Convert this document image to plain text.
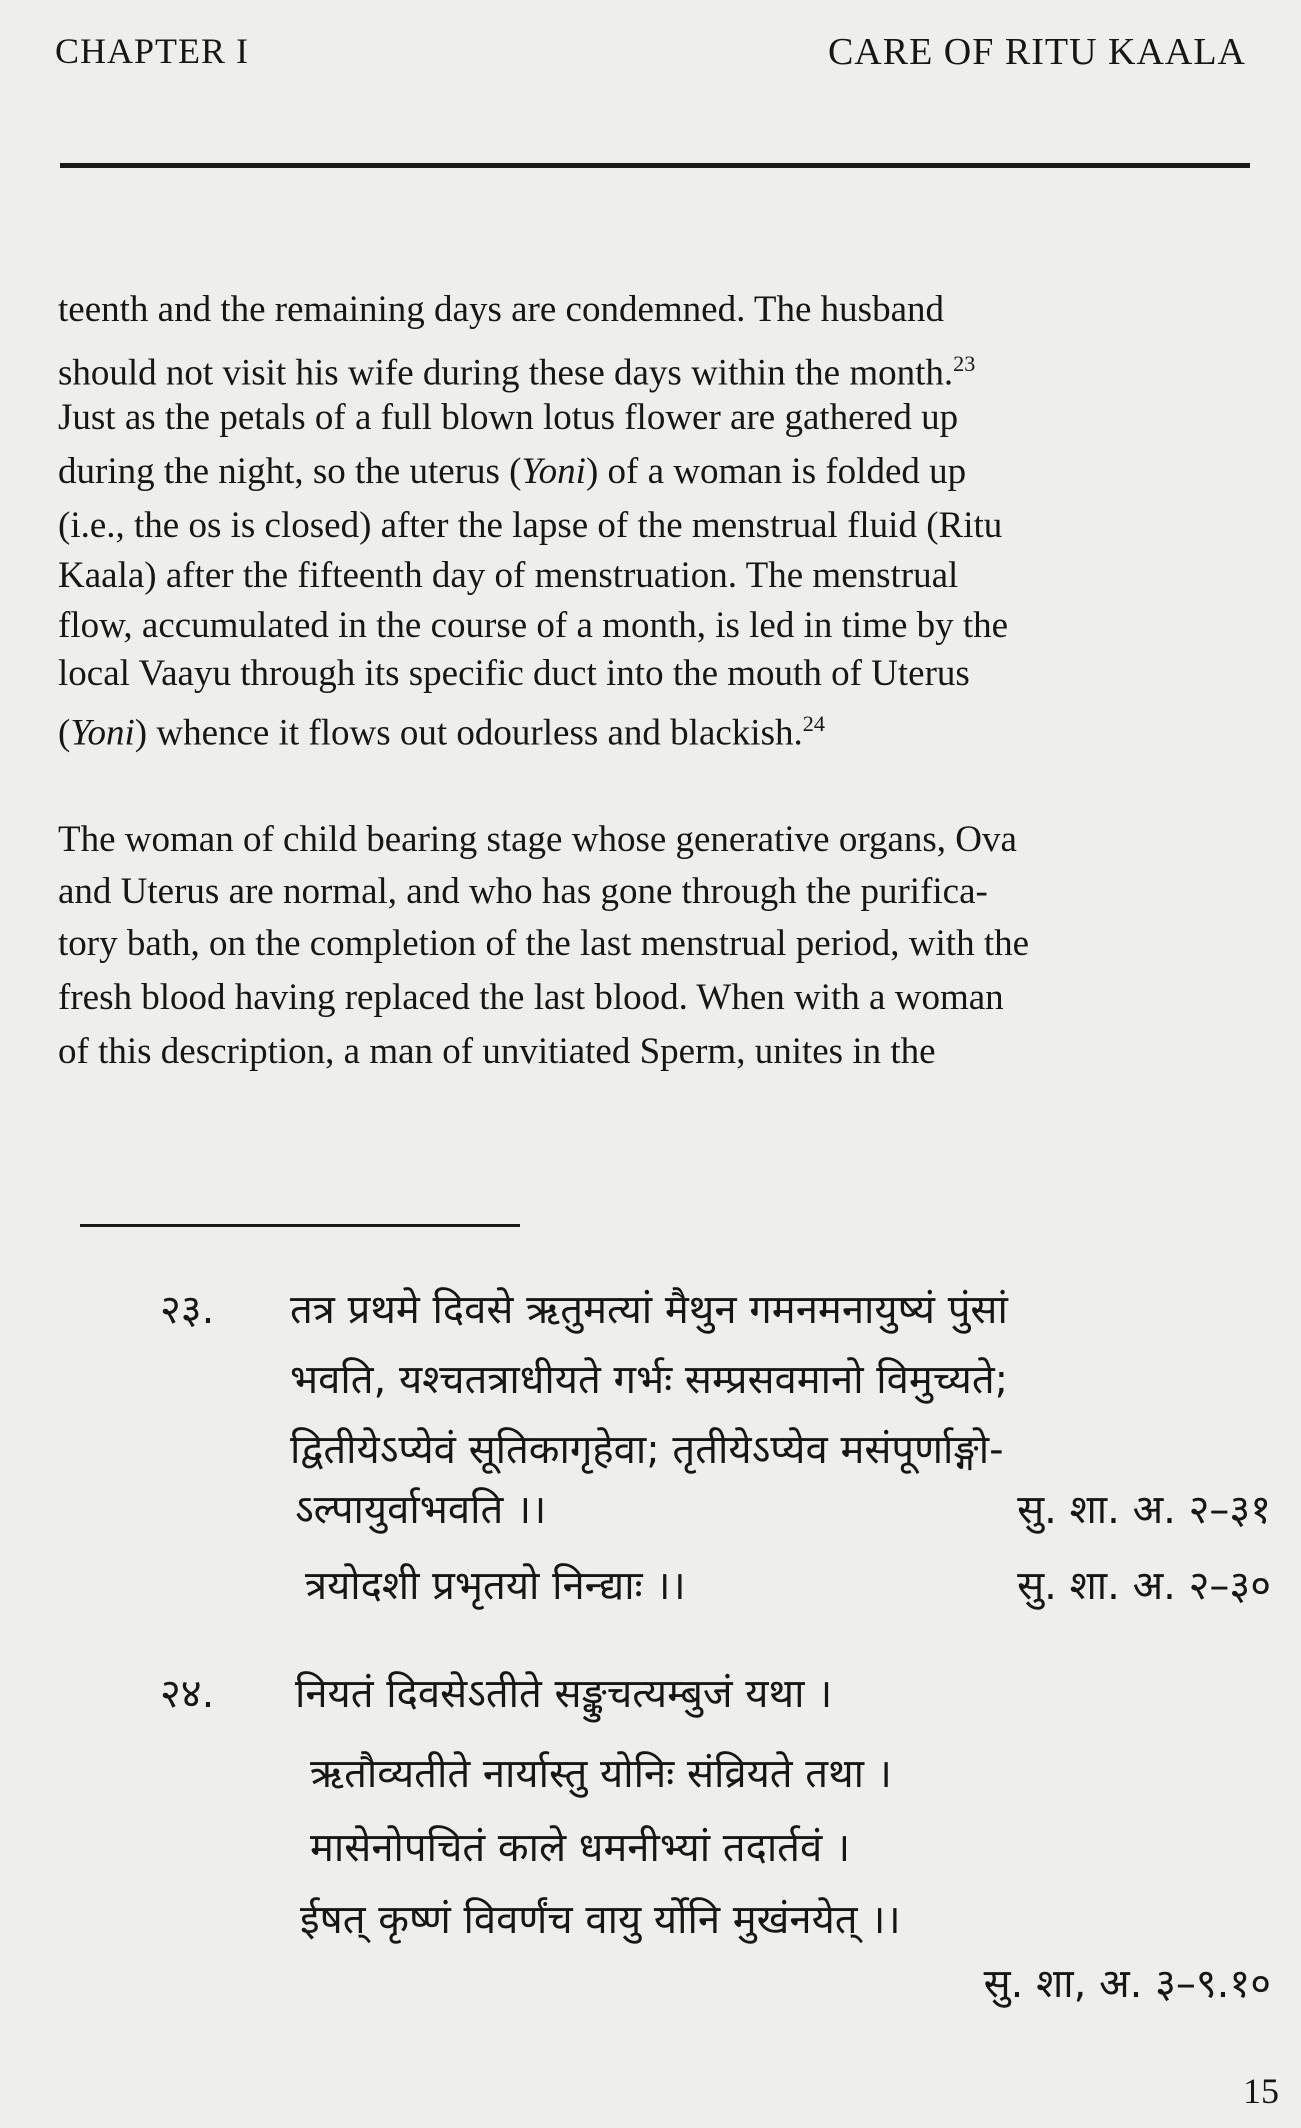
CHAPTER I	CARE OF RITU KAALA
teenth and the remaining days are condemned. The husband
should not visit his wife during these days within the month.$^{23}$
Just as the petals of a full blown lotus flower are gathered up
during the night, so the uterus (Yoni) of a woman is folded up
(i.e., the os is closed) after the lapse of the menstrual fluid (Ritu
Kaala) after the fifteenth day of menstruation. The menstrual
flow, accumulated in the course of a month, is led in time by the
local Vaayu through its specific duct into the mouth of Uterus
(Yoni) whence it flows out odourless and blackish.$^{24}$
The woman of child bearing stage whose generative organs, Ova
and Uterus are normal, and who has gone through the purifica-
tory bath, on the completion of the last menstrual period, with the
fresh blood having replaced the last blood. When with a woman
of this description, a man of unvitiated Sperm, unites in the
२३. तत्र प्रथमे दिवसे ऋतुमत्यां मैथुन गमनमनायुष्यं पुंसां
भवति, यश्चतत्राधीयते गर्भः सम्प्रसवमानो विमुच्यते;
द्वितीयेऽप्येवं सूतिकागृहेवा; तृतीयेऽप्येव मसंपूर्णाङ्गो-
ऽल्पायुर्वाभवति ।।	सु. शा. अ. २–३१
त्रयोदशी प्रभृतयो निन्द्याः ।।	सु. शा. अ. २–३०
२४. नियतं दिवसेऽतीते सङ्कुचत्यम्बुजं यथा ।
ऋतौव्यतीते नार्यास्तु योनिः संव्रियते तथा ।
मासेनोपचितं काले धमनीभ्यां तदार्तवं ।
ईषत् कृष्णं विवर्णंच वायु र्योनि मुखंनयेत् ।।
सु. शा, अ. ३–९.१०
15
